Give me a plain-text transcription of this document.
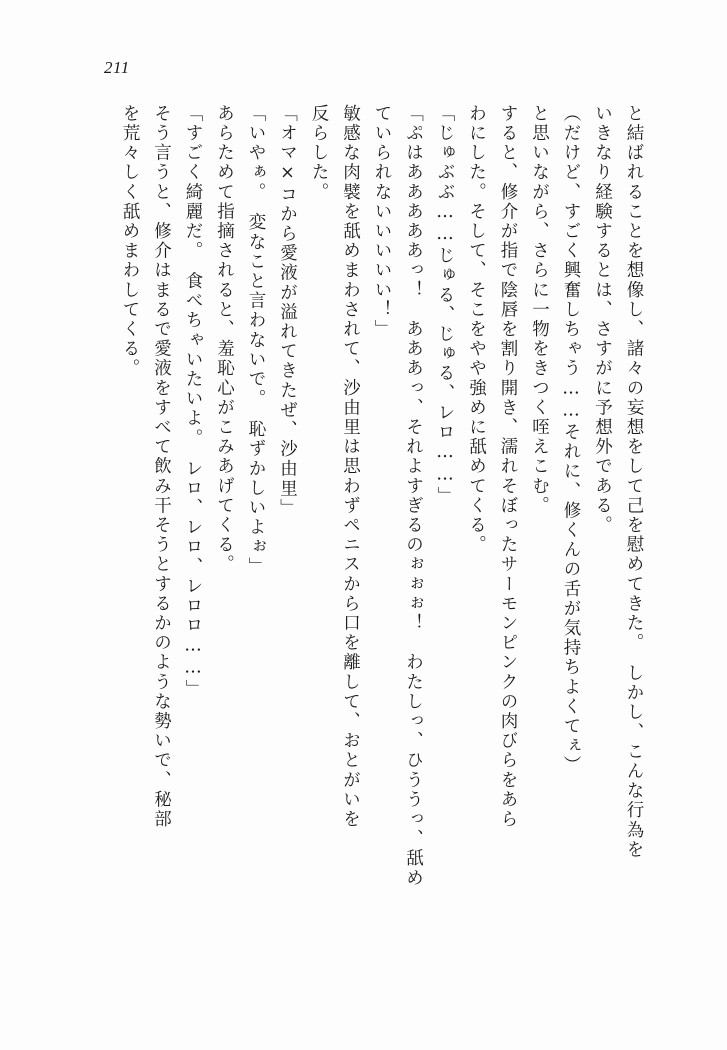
211
と結ばれることを想像し、諸々の妄想をして己を慰めてきた。　しかし、こんな行為を
いきなり経験するとは、さすがに予想外である。
（だけど、すごく興奮しちゃう……それに、修くんの舌が気持ちよくてぇ）
と思いながら、さらに一物をきつく咥えこむ。
すると、修介が指で陰唇を割り開き、濡れそぼったサーモンピンクの肉びらをあら
わにした。そして、そこをやや強めに舐めてくる。
「じゅぶぶ……じゅる、じゅる、レロ……」
「ぷはあああああっ！　あああっ、それよすぎるのぉぉぉ！　わたしっ、ひううっ、舐め
ていられないいいいい！」
敏感な肉襞を舐めまわされて、沙由里は思わずペニスから口を離して、おとがいを
反らした。
「オマ×コから愛液が溢れてきたぜ、沙由里」
「いやぁ。　変なこと言わないで。　恥ずかしいよぉ」
あらためて指摘されると、羞恥心がこみあげてくる。
「すごく綺麗だ。　食べちゃいたいよ。　レロ、レロ、レロロ……」
そう言うと、修介はまるで愛液をすべて飲み干そうとするかのような勢いで、秘部
を荒々しく舐めまわしてくる。
